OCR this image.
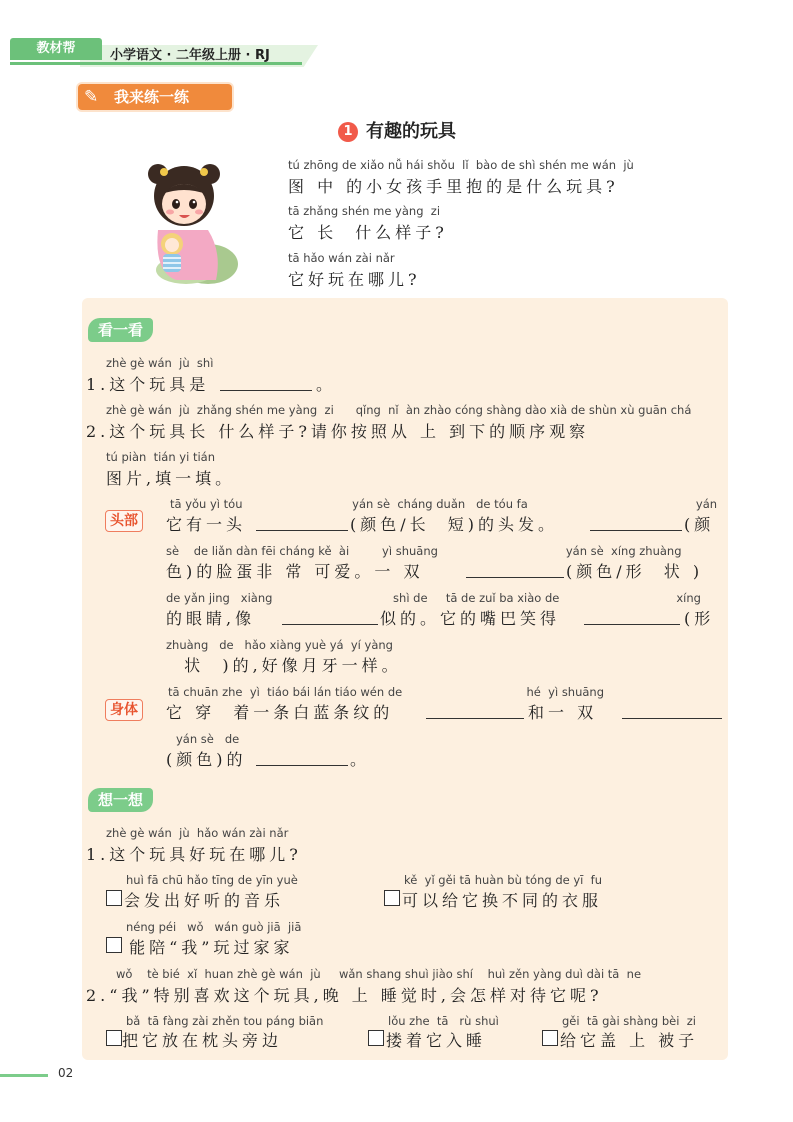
教材帮	小学语文 · 二年级上册 · RJ
✎ 我来练一练
1 有趣的玩具
tú zhōng de xiǎo nǚ hái shǒu  lǐ  bào de shì shén me wán  jù
图 中 的小女孩手里抱的是什么玩具?
tā zhǎng shén me yàng  zi
它 长  什么样子?
tā hǎo wán zài nǎr
它好玩在哪儿?
看一看
zhè gè wán  jù  shì
1.这个玩具是	。
zhè gè wán  jù  zhǎng shén me yàng  zi      qǐng  nǐ  àn zhào cóng shàng dào xià de shùn xù guān chá
2.这个玩具长 什么样子?请你按照从 上 到下的顺序观察
tú piàn  tián yi tián
图片,填一填。
头部
tā yǒu yì tóu                              yán sè  cháng duǎn   de tóu fa                                              yán
它有一头	(颜色/长  短)的头发。	(颜
sè    de liǎn dàn fēi cháng kě  ài         yì shuāng                                   yán sè  xíng zhuàng
色)的脸蛋非 常 可爱。一 双	(颜色/形  状 )
de yǎn jing   xiàng                                 shì de     tā de zuǐ ba xiào de                                xíng
的眼睛,像	似的。它的嘴巴笑得	(形
zhuàng   de   hǎo xiàng yuè yá  yí yàng
状  )的,好像月牙一样。
身体
tā chuān zhe  yì  tiáo bái lán tiáo wén de                                  hé  yì shuāng
它 穿  着一条白蓝条纹的	和一 双
yán sè   de
(颜色)的	。
想一想
zhè gè wán  jù  hǎo wán zài nǎr
1.这个玩具好玩在哪儿?
huì fā chū hǎo tīng de yīn yuè
会发出好听的音乐
kě  yǐ gěi tā huàn bù tóng de yī  fu
可以给它换不同的衣服
néng péi   wǒ   wán guò jiā  jiā
能陪“我”玩过家家
wǒ    tè bié  xǐ  huan zhè gè wán  jù     wǎn shang shuì jiào shí    huì zěn yàng duì dài tā  ne
2.“我”特别喜欢这个玩具,晚 上 睡觉时,会怎样对待它呢?
bǎ  tā fàng zài zhěn tou páng biān
把它放在枕头旁边
lǒu zhe  tā   rù shuì
搂着它入睡
gěi  tā gài shàng bèi  zi
给它盖 上 被子
02
